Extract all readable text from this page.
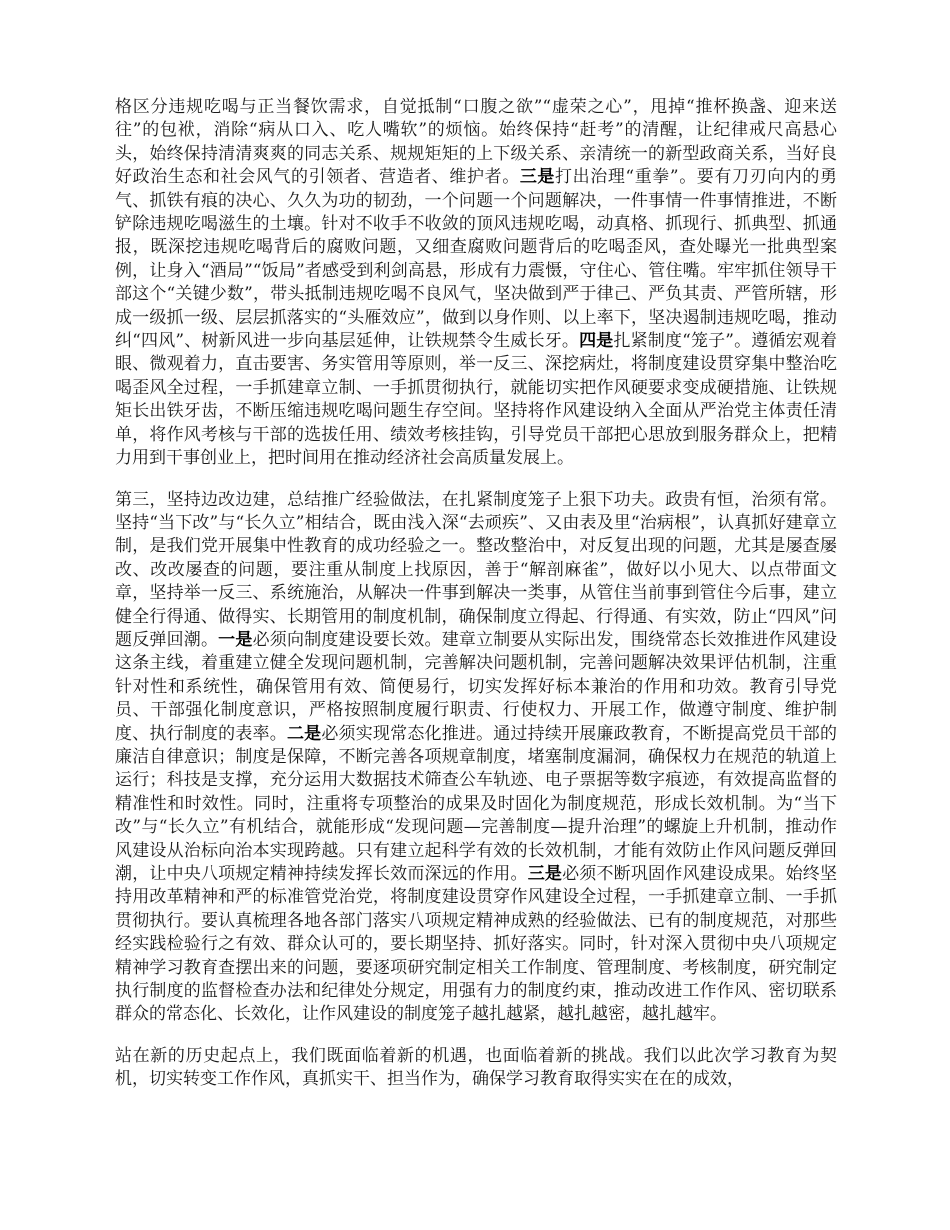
格区分违规吃喝与正当餐饮需求，自觉抵制“口腹之欲”“虚荣之心”，甩掉“推杯换盏、迎来送往”的包袱，消除“病从口入、吃人嘴软”的烦恼。始终保持“赶考”的清醒，让纪律戒尺高悬心头，始终保持清清爽爽的同志关系、规规矩矩的上下级关系、亲清统一的新型政商关系，当好良好政治生态和社会风气的引领者、营造者、维护者。三是打出治理“重拳”。要有刀刃向内的勇气、抓铁有痕的决心、久久为功的韧劲，一个问题一个问题解决，一件事情一件事情推进，不断铲除违规吃喝滋生的土壤。针对不收手不收敛的顶风违规吃喝，动真格、抓现行、抓典型、抓通报，既深挖违规吃喝背后的腐败问题，又细查腐败问题背后的吃喝歪风，查处曝光一批典型案例，让身入“酒局”“饭局”者感受到利剑高悬，形成有力震慑，守住心、管住嘴。牢牢抓住领导干部这个“关键少数”，带头抵制违规吃喝不良风气，坚决做到严于律己、严负其责、严管所辖，形成一级抓一级、层层抓落实的“头雁效应”，做到以身作则、以上率下，坚决遏制违规吃喝，推动纠“四风”、树新风进一步向基层延伸，让铁规禁令生威长牙。四是扎紧制度“笼子”。遵循宏观着眼、微观着力，直击要害、务实管用等原则，举一反三、深挖病灶，将制度建设贯穿集中整治吃喝歪风全过程，一手抓建章立制、一手抓贯彻执行，就能切实把作风硬要求变成硬措施、让铁规矩长出铁牙齿，不断压缩违规吃喝问题生存空间。坚持将作风建设纳入全面从严治党主体责任清单，将作风考核与干部的选拔任用、绩效考核挂钩，引导党员干部把心思放到服务群众上，把精力用到干事创业上，把时间用在推动经济社会高质量发展上。

第三，坚持边改边建，总结推广经验做法，在扎紧制度笼子上狠下功夫。政贵有恒，治须有常。坚持“当下改”与“长久立”相结合，既由浅入深“去顽疾”、又由表及里“治病根”，认真抓好建章立制，是我们党开展集中性教育的成功经验之一。整改整治中，对反复出现的问题，尤其是屡查屡改、改改屡查的问题，要注重从制度上找原因，善于“解剖麻雀”，做好以小见大、以点带面文章，坚持举一反三、系统施治，从解决一件事到解决一类事，从管住当前事到管住今后事，建立健全行得通、做得实、长期管用的制度机制，确保制度立得起、行得通、有实效，防止“四风”问题反弹回潮。一是必须向制度建设要长效。建章立制要从实际出发，围绕常态长效推进作风建设这条主线，着重建立健全发现问题机制，完善解决问题机制，完善问题解决效果评估机制，注重针对性和系统性，确保管用有效、简便易行，切实发挥好标本兼治的作用和功效。教育引导党员、干部强化制度意识，严格按照制度履行职责、行使权力、开展工作，做遵守制度、维护制度、执行制度的表率。二是必须实现常态化推进。通过持续开展廉政教育，不断提高党员干部的廉洁自律意识；制度是保障，不断完善各项规章制度，堵塞制度漏洞，确保权力在规范的轨道上运行；科技是支撑，充分运用大数据技术筛查公车轨迹、电子票据等数字痕迹，有效提高监督的精准性和时效性。同时，注重将专项整治的成果及时固化为制度规范，形成长效机制。为“当下改”与“长久立”有机结合，就能形成“发现问题—完善制度—提升治理”的螺旋上升机制，推动作风建设从治标向治本实现跨越。只有建立起科学有效的长效机制，才能有效防止作风问题反弹回潮，让中央八项规定精神持续发挥长效而深远的作用。三是必须不断巩固作风建设成果。始终坚持用改革精神和严的标准管党治党，将制度建设贯穿作风建设全过程，一手抓建章立制、一手抓贯彻执行。要认真梳理各地各部门落实八项规定精神成熟的经验做法、已有的制度规范，对那些经实践检验行之有效、群众认可的，要长期坚持、抓好落实。同时，针对深入贯彻中央八项规定精神学习教育查摆出来的问题，要逐项研究制定相关工作制度、管理制度、考核制度，研究制定执行制度的监督检查办法和纪律处分规定，用强有力的制度约束，推动改进工作作风、密切联系群众的常态化、长效化，让作风建设的制度笼子越扎越紧，越扎越密，越扎越牢。

站在新的历史起点上，我们既面临着新的机遇，也面临着新的挑战。我们以此次学习教育为契机，切实转变工作作风，真抓实干、担当作为，确保学习教育取得实实在在的成效，
